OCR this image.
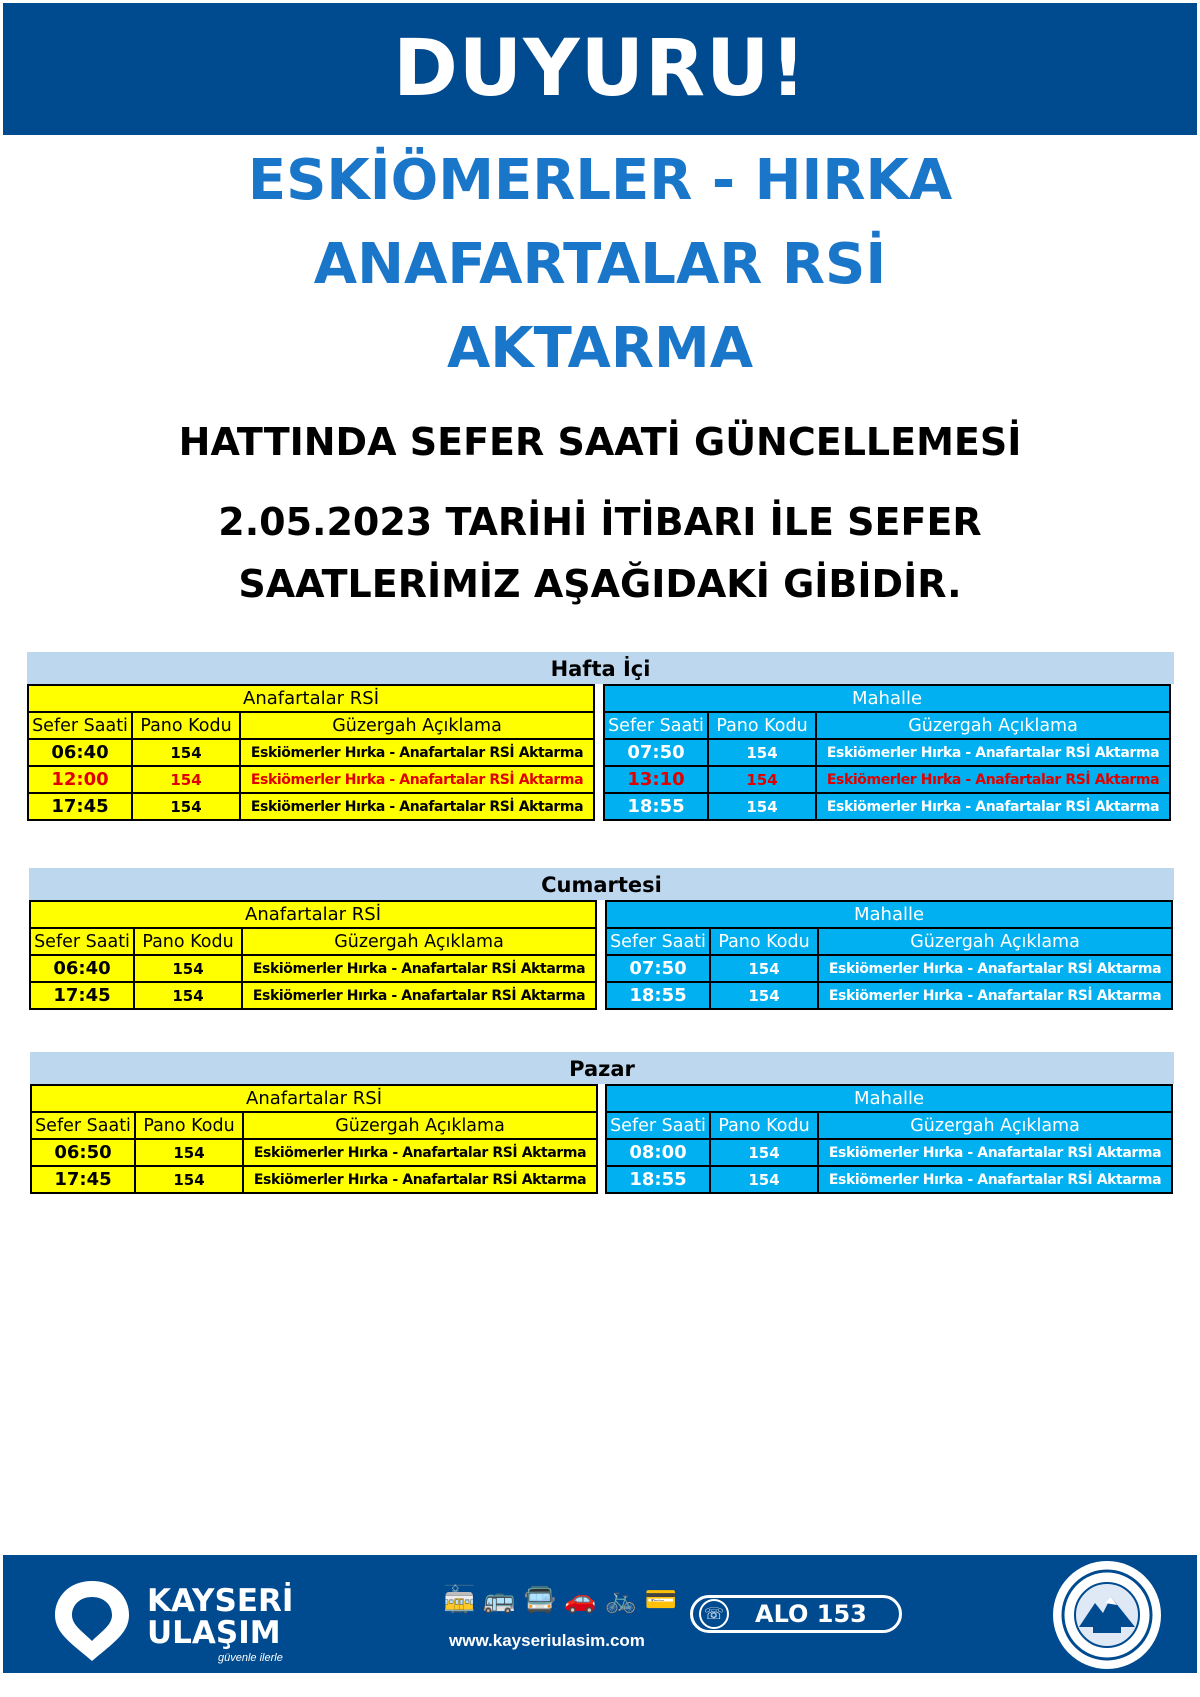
DUYURU!
ESKİÖMERLER - HIRKA
ANAFARTALAR RSİ
AKTARMA
HATTINDA SEFER SAATİ GÜNCELLEMESİ
2.05.2023 TARİHİ İTİBARI İLE SEFER
SAATLERİMİZ AŞAĞIDAKİ GİBİDİR.
Hafta İçi
Anafartalar RSİ		
Sefer Saati	Pano Kodu	Güzergah Açıklama
06:40	154	Eskiömerler Hırka - Anafartalar RSİ Aktarma
12:00	154	Eskiömerler Hırka - Anafartalar RSİ Aktarma
17:45	154	Eskiömerler Hırka - Anafartalar RSİ Aktarma
Mahalle		
Sefer Saati	Pano Kodu	Güzergah Açıklama
07:50	154	Eskiömerler Hırka - Anafartalar RSİ Aktarma
13:10	154	Eskiömerler Hırka - Anafartalar RSİ Aktarma
18:55	154	Eskiömerler Hırka - Anafartalar RSİ Aktarma
Cumartesi
Anafartalar RSİ		
Sefer Saati	Pano Kodu	Güzergah Açıklama
06:40	154	Eskiömerler Hırka - Anafartalar RSİ Aktarma
17:45	154	Eskiömerler Hırka - Anafartalar RSİ Aktarma
Mahalle		
Sefer Saati	Pano Kodu	Güzergah Açıklama
07:50	154	Eskiömerler Hırka - Anafartalar RSİ Aktarma
18:55	154	Eskiömerler Hırka - Anafartalar RSİ Aktarma
Pazar
Anafartalar RSİ		
Sefer Saati	Pano Kodu	Güzergah Açıklama
06:50	154	Eskiömerler Hırka - Anafartalar RSİ Aktarma
17:45	154	Eskiömerler Hırka - Anafartalar RSİ Aktarma
Mahalle		
Sefer Saati	Pano Kodu	Güzergah Açıklama
08:00	154	Eskiömerler Hırka - Anafartalar RSİ Aktarma
18:55	154	Eskiömerler Hırka - Anafartalar RSİ Aktarma
KAYSERİ
ULAŞIM
güvenle ilerle
🚋 🚌 🚍 🚗 🚲 💳
www.kayseriulasim.com
☏ ALO 153
